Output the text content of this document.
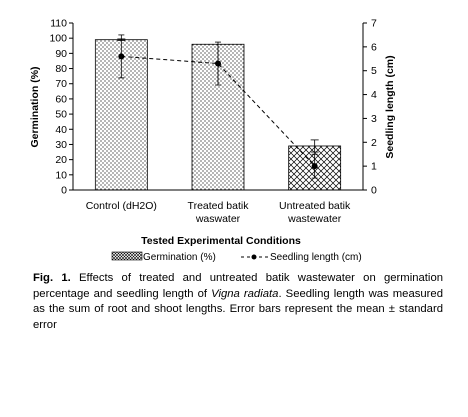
0
10
20
30
40
50
60
70
80
90
100
110
0
1
2
3
4
5
6
7
Control (dH2O)	Treated batik
waswater
Untreated batik
wastewater
Germination (%)	Seedling length (cm)
Tested Experimental Conditions
Germination (%)	Seedling length (cm)
Fig. 1. Effects of treated and untreated batik wastewater on germination percentage and seedling length of Vigna radiata. Seedling length was measured as the sum of root and shoot lengths. Error bars represent the mean ± standard error
